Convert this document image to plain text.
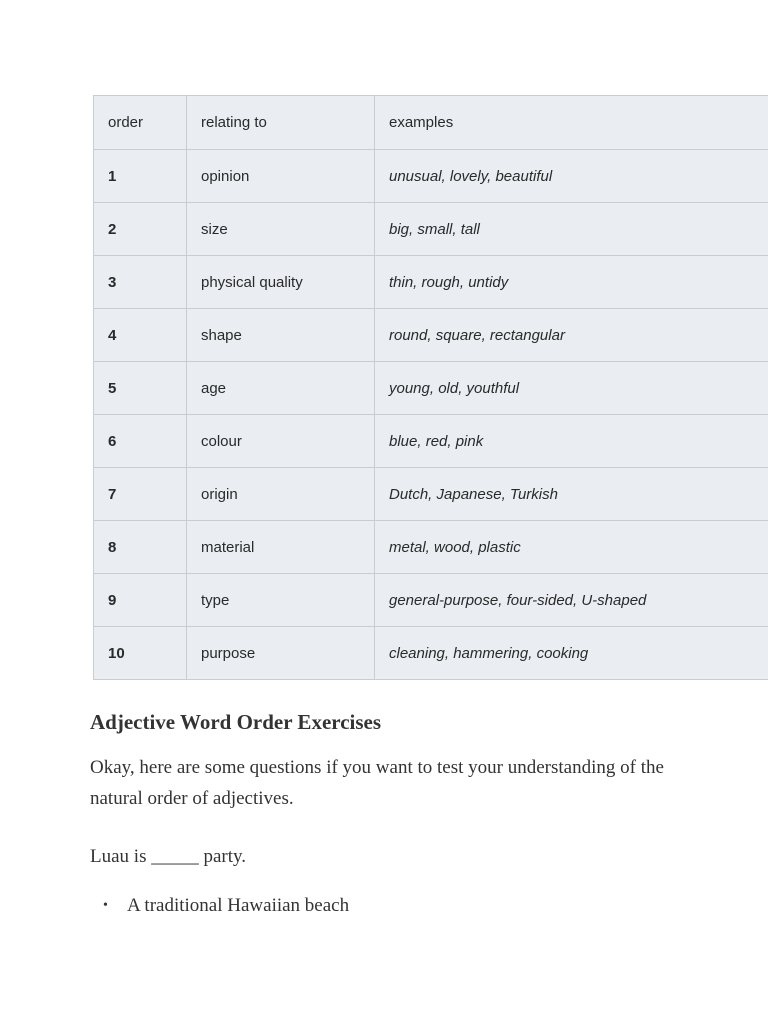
order	relating to	examples
1	opinion	unusual, lovely, beautiful
2	size	big, small, tall
3	physical quality	thin, rough, untidy
4	shape	round, square, rectangular
5	age	young, old, youthful
6	colour	blue, red, pink
7	origin	Dutch, Japanese, Turkish
8	material	metal, wood, plastic
9	type	general-purpose, four-sided, U-shaped
10	purpose	cleaning, hammering, cooking
Adjective Word Order Exercises

Okay, here are some questions if you want to test your understanding of the natural order of adjectives.

Luau is _____ party.

• A traditional Hawaiian beach
